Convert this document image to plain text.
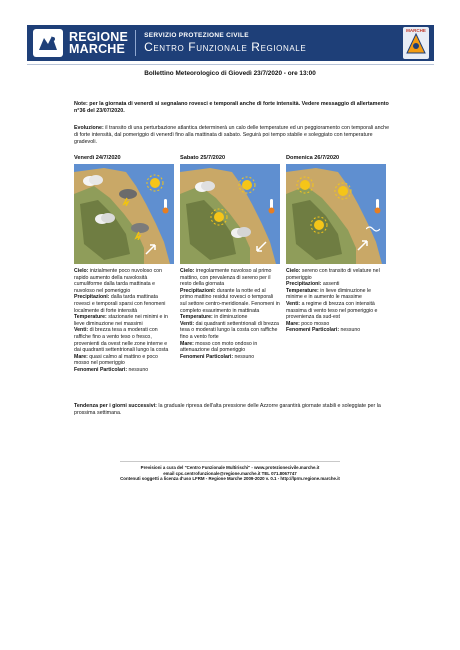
REGIONE
MARCHE
SERVIZIO PROTEZIONE CIVILE
Centro Funzionale Regionale
MARCHE
Bollettino Meteorologico di Giovedì 23/7/2020 - ore 13:00
Note: per la giornata di venerdì si segnalano rovesci e temporali anche di forte intensità. Vedere messaggio di allertamento n°36 del 23/07/2020.
Evoluzione: il transito di una perturbazione atlantica determinerà un calo delle temperature ed un peggioramento con temporali anche di forte intensità, dal pomeriggio di venerdì fino alla mattinata di sabato. Seguirà poi tempo stabile e soleggiato con temperature gradevoli.
Venerdì 24/7/2020
Cielo: inizialmente poco nuvoloso con rapido aumento della nuvolosità cumuliforme dalla tarda mattinata e nuvoloso nel pomeriggio
Precipitazioni: dalla tarda mattinata rovesci e temporali sparsi con fenomeni localmente di forte intensità
Temperature: stazionarie nei minimi e in lieve diminuzione nei massimi
Venti: di brezza tesa a moderati con raffiche fino a vento teso o fresco, provenienti da ovest nelle zone interne e dai quadranti settentrionali lungo la costa
Mare: quasi calmo al mattino e poco mosso nel pomeriggio
Fenomeni Particolari: nessuno
Sabato 25/7/2020
Cielo: irregolarmente nuvoloso al primo mattino, con prevalenza di sereno per il resto della giornata
Precipitazioni: durante la notte ed al primo mattino residui rovesci o temporali sul settore centro-meridionale. Fenomeni in completo esaurimento in mattinata
Temperature: in diminuzione
Venti: dai quadranti settentrionali di brezza tesa o moderati lungo la costa con raffiche fino a vento forte
Mare: mosso con moto ondoso in attenuazione dal pomeriggio
Fenomeni Particolari: nessuno
Domenica 26/7/2020
Cielo: sereno con transito di velature nel pomeriggio
Precipitazioni: assenti
Temperature: in lieve diminuzione le minime e in aumento le massime
Venti: a regime di brezza con intensità massima di vento teso nel pomeriggio e provenienza da sud-est
Mare: poco mosso
Fenomeni Particolari: nessuno
Tendenza per i giorni successivi: la graduale ripresa dell'alta pressione delle Azzorre garantirà giornate stabili e soleggiate per la prossima settimana.
Previsioni a cura del "Centro Funzionale Multirischi" - www.protezionecivile.marche.it
email cpc.centrofunzionale@regione.marche.it TEL 071.8067747
Contenuti soggetti a licenza d'uso LFRM - Regione Marche 2009-2020 v. 0.1 - http://lprm.regione.marche.it
